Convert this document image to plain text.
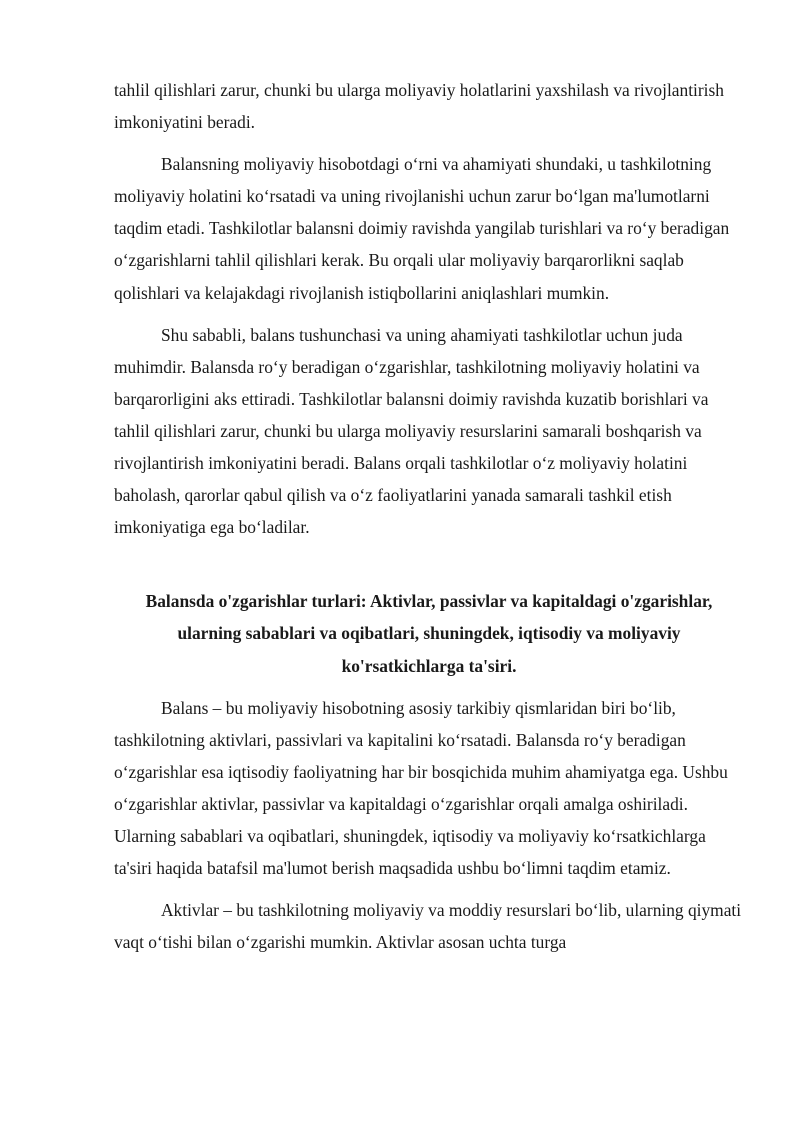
tahlil qilishlari zarur, chunki bu ularga moliyaviy holatlarini yaxshilash va rivojlantirish imkoniyatini beradi.

Balansning moliyaviy hisobotdagi o‘rni va ahamiyati shundaki, u tashkilotning moliyaviy holatini ko‘rsatadi va uning rivojlanishi uchun zarur bo‘lgan ma'lumotlarni taqdim etadi. Tashkilotlar balansni doimiy ravishda yangilab turishlari va ro‘y beradigan o‘zgarishlarni tahlil qilishlari kerak. Bu orqali ular moliyaviy barqarorlikni saqlab qolishlari va kelajakdagi rivojlanish istiqbollarini aniqlashlari mumkin.

Shu sababli, balans tushunchasi va uning ahamiyati tashkilotlar uchun juda muhimdir. Balansda ro‘y beradigan o‘zgarishlar, tashkilotning moliyaviy holatini va barqarorligini aks ettiradi. Tashkilotlar balansni doimiy ravishda kuzatib borishlari va tahlil qilishlari zarur, chunki bu ularga moliyaviy resurslarini samarali boshqarish va rivojlantirish imkoniyatini beradi. Balans orqali tashkilotlar o‘z moliyaviy holatini baholash, qarorlar qabul qilish va o‘z faoliyatlarini yanada samarali tashkil etish imkoniyatiga ega bo‘ladilar.

Balansda o'zgarishlar turlari: Aktivlar, passivlar va kapitaldagi o'zgarishlar, ularning sabablari va oqibatlari, shuningdek, iqtisodiy va moliyaviy ko'rsatkichlarga ta'siri.

Balans – bu moliyaviy hisobotning asosiy tarkibiy qismlaridan biri bo‘lib, tashkilotning aktivlari, passivlari va kapitalini ko‘rsatadi. Balansda ro‘y beradigan o‘zgarishlar esa iqtisodiy faoliyatning har bir bosqichida muhim ahamiyatga ega. Ushbu o‘zgarishlar aktivlar, passivlar va kapitaldagi o‘zgarishlar orqali amalga oshiriladi. Ularning sabablari va oqibatlari, shuningdek, iqtisodiy va moliyaviy ko‘rsatkichlarga ta'siri haqida batafsil ma'lumot berish maqsadida ushbu bo‘limni taqdim etamiz.

Aktivlar – bu tashkilotning moliyaviy va moddiy resurslari bo‘lib, ularning qiymati vaqt o‘tishi bilan o‘zgarishi mumkin. Aktivlar asosan uchta turga
